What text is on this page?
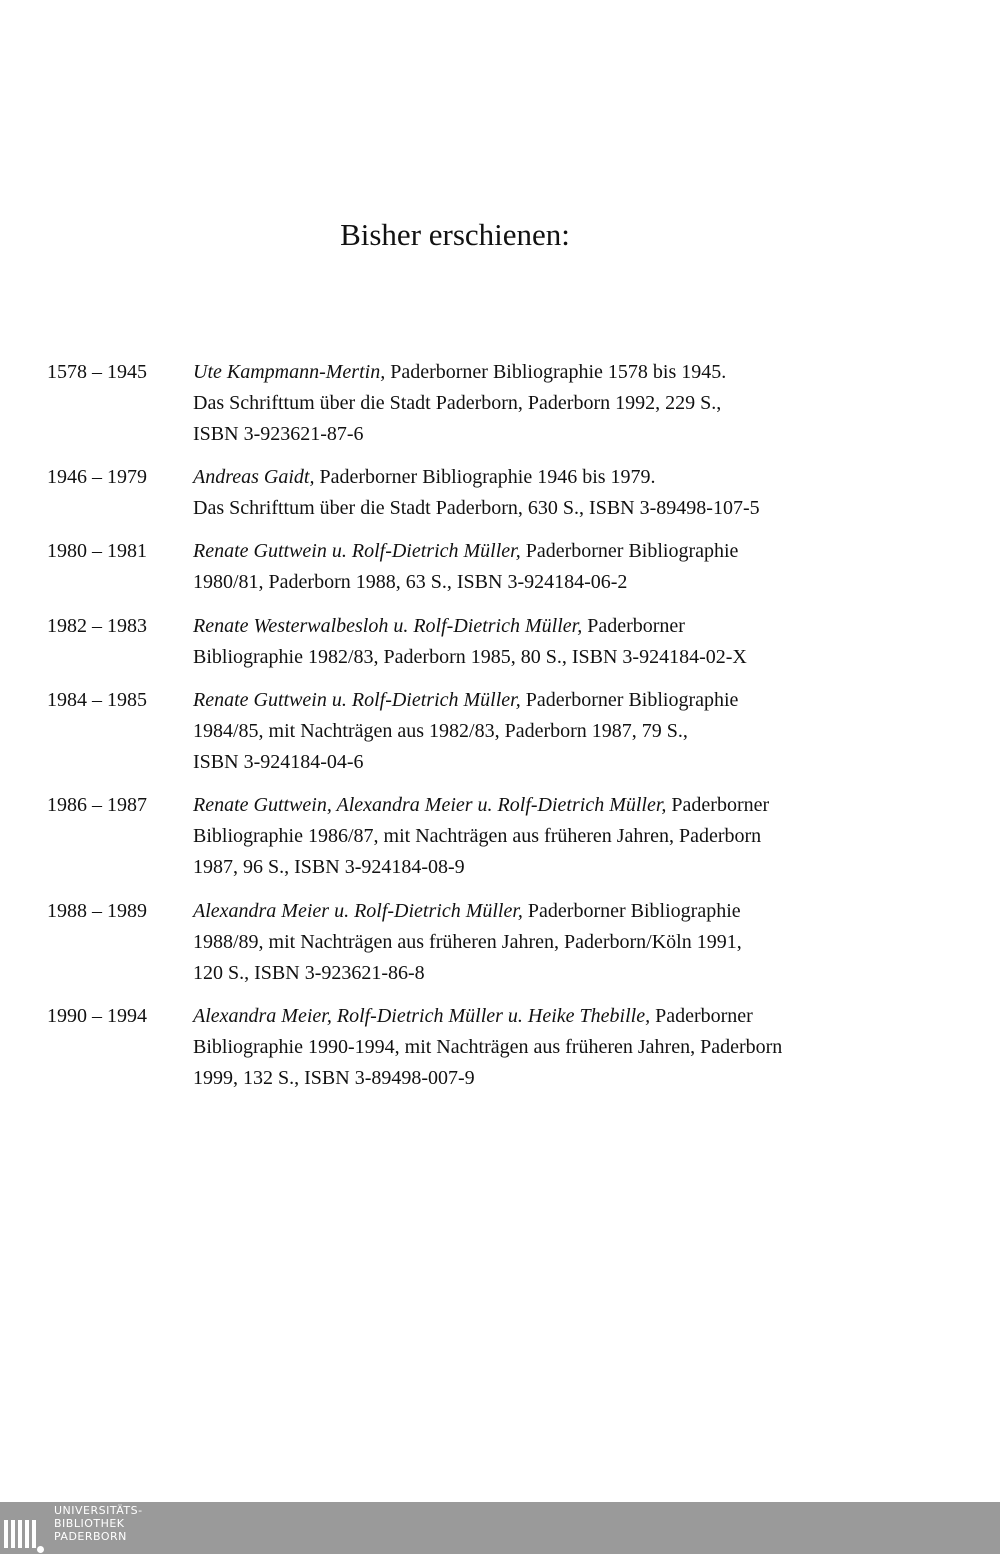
Bisher erschienen:
1578 – 1945 Ute Kampmann-Mertin, Paderborner Bibliographie 1578 bis 1945.
Das Schrifttum über die Stadt Paderborn, Paderborn 1992, 229 S.,
ISBN 3-923621-87-6
1946 – 1979 Andreas Gaidt, Paderborner Bibliographie 1946 bis 1979.
Das Schrifttum über die Stadt Paderborn, 630 S., ISBN 3-89498-107-5
1980 – 1981 Renate Guttwein u. Rolf-Dietrich Müller, Paderborner Bibliographie
1980/81, Paderborn 1988, 63 S., ISBN 3-924184-06-2
1982 – 1983 Renate Westerwalbesloh u. Rolf-Dietrich Müller, Paderborner
Bibliographie 1982/83, Paderborn 1985, 80 S., ISBN 3-924184-02-X
1984 – 1985 Renate Guttwein u. Rolf-Dietrich Müller, Paderborner Bibliographie
1984/85, mit Nachträgen aus 1982/83, Paderborn 1987, 79 S.,
ISBN 3-924184-04-6
1986 – 1987 Renate Guttwein, Alexandra Meier u. Rolf-Dietrich Müller, Paderborner
Bibliographie 1986/87, mit Nachträgen aus früheren Jahren, Paderborn
1987, 96 S., ISBN 3-924184-08-9
1988 – 1989 Alexandra Meier u. Rolf-Dietrich Müller, Paderborner Bibliographie
1988/89, mit Nachträgen aus früheren Jahren, Paderborn/Köln 1991,
120 S., ISBN 3-923621-86-8
1990 – 1994 Alexandra Meier, Rolf-Dietrich Müller u. Heike Thebille, Paderborner
Bibliographie 1990-1994, mit Nachträgen aus früheren Jahren, Paderborn
1999, 132 S., ISBN 3-89498-007-9
UNIVERSITÄTS-
BIBLIOTHEK
PADERBORN
